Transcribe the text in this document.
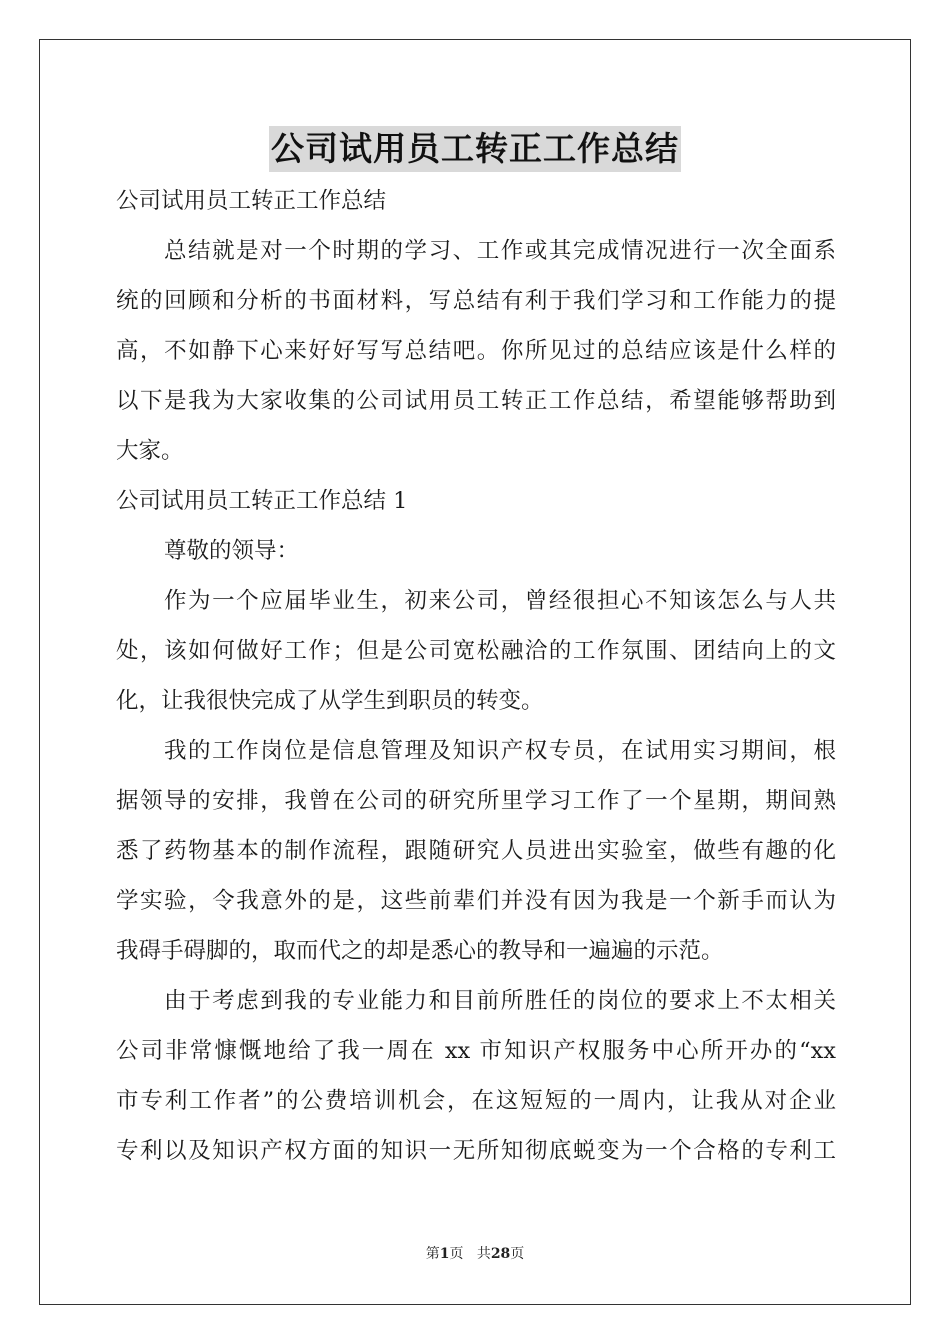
公司试用员工转正工作总结
公司试用员工转正工作总结
总结就是对一个时期的学习、工作或其完成情况进行一次全面系
统的回顾和分析的书面材料，写总结有利于我们学习和工作能力的提
高，不如静下心来好好写写总结吧。你所见过的总结应该是什么样的
以下是我为大家收集的公司试用员工转正工作总结，希望能够帮助到
大家。
公司试用员工转正工作总结 1
尊敬的领导：
作为一个应届毕业生，初来公司，曾经很担心不知该怎么与人共
处，该如何做好工作；但是公司宽松融洽的工作氛围、团结向上的文
化，让我很快完成了从学生到职员的转变。
我的工作岗位是信息管理及知识产权专员，在试用实习期间，根
据领导的安排，我曾在公司的研究所里学习工作了一个星期，期间熟
悉了药物基本的制作流程，跟随研究人员进出实验室，做些有趣的化
学实验，令我意外的是，这些前辈们并没有因为我是一个新手而认为
我碍手碍脚的，取而代之的却是悉心的教导和一遍遍的示范。
由于考虑到我的专业能力和目前所胜任的岗位的要求上不太相关
公司非常慷慨地给了我一周在 xx 市知识产权服务中心所开办的“xx
市专利工作者”的公费培训机会，在这短短的一周内，让我从对企业
专利以及知识产权方面的知识一无所知彻底蜕变为一个合格的专利工
第1页 共28页
